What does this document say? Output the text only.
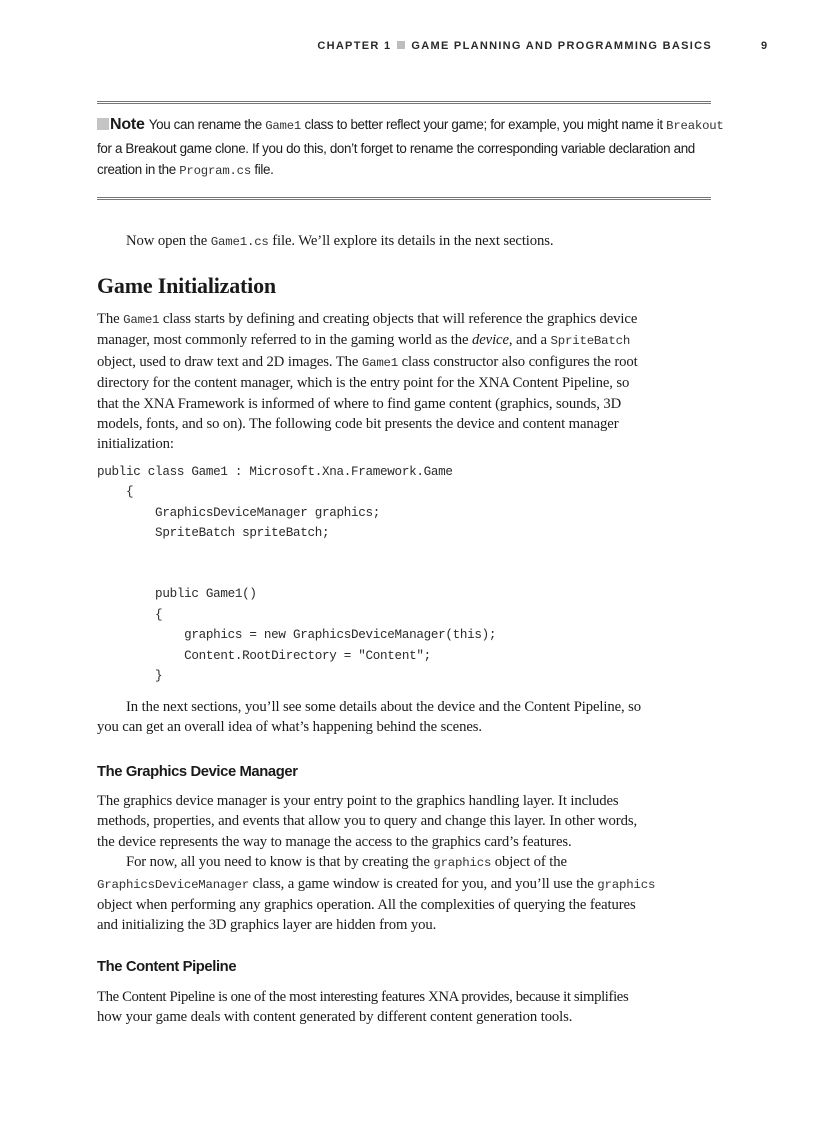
CHAPTER 1 GAME PLANNING AND PROGRAMMING BASICS	9
Note You can rename the Game1 class to better reflect your game; for example, you might name it Breakout
for a Breakout game clone. If you do this, don’t forget to rename the corresponding variable declaration and
creation in the Program.cs file.
Now open the Game1.cs file. We’ll explore its details in the next sections.
Game Initialization
The Game1 class starts by defining and creating objects that will reference the graphics device
manager, most commonly referred to in the gaming world as the device, and a SpriteBatch
object, used to draw text and 2D images. The Game1 class constructor also configures the root
directory for the content manager, which is the entry point for the XNA Content Pipeline, so
that the XNA Framework is informed of where to find game content (graphics, sounds, 3D
models, fonts, and so on). The following code bit presents the device and content manager
initialization:
public class Game1 : Microsoft.Xna.Framework.Game
{
GraphicsDeviceManager graphics;
SpriteBatch spriteBatch;
public Game1()
{
graphics = new GraphicsDeviceManager(this);
Content.RootDirectory = "Content";
}
In the next sections, you’ll see some details about the device and the Content Pipeline, so
you can get an overall idea of what’s happening behind the scenes.
The Graphics Device Manager
The graphics device manager is your entry point to the graphics handling layer. It includes
methods, properties, and events that allow you to query and change this layer. In other words,
the device represents the way to manage the access to the graphics card’s features.
For now, all you need to know is that by creating the graphics object of the
GraphicsDeviceManager class, a game window is created for you, and you’ll use the graphics
object when performing any graphics operation. All the complexities of querying the features
and initializing the 3D graphics layer are hidden from you.
The Content Pipeline
The Content Pipeline is one of the most interesting features XNA provides, because it simplifies
how your game deals with content generated by different content generation tools.
